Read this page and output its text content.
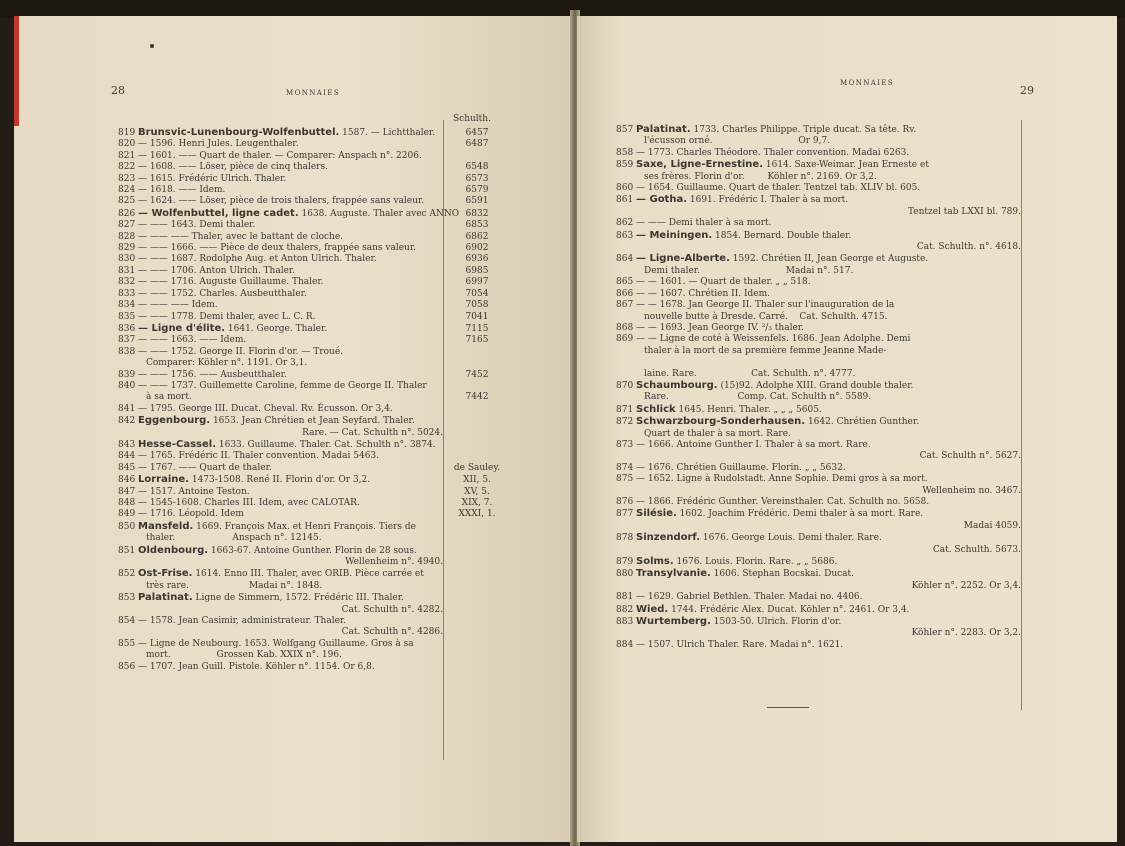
28	MONNAIES
Schulth.
819 Brunsvic-Lunenbourg-Wolfenbuttel. 1587. — Lichtthaler.	6457
820 — 1596. Henri Jules. Leugenthaler.	6487
821 — 1601. —— Quart de thaler. — Comparer: Anspach n°. 2206.
822 — 1608. —— Löser, pièce de cinq thalers.	6548
823 — 1615. Frédéric Ulrich. Thaler.	6573
824 — 1618. —— Idem.	6579
825 — 1624. —— Löser, pièce de trois thalers, frappée sans valeur.	6591
826 — Wolfenbuttel, ligne cadet. 1638. Auguste. Thaler avec ANNO 6832
827 — —— 1643. Demi thaler.	6853
828 — —— —— Thaler, avec le battant de cloche.	6862
829 — —— 1666. —— Pièce de deux thalers, frappée sans valeur.	6902
830 — —— 1687. Rodolphe Aug. et Anton Ulrich. Thaler.	6936
831 — —— 1706. Anton Ulrich. Thaler.	6985
832 — —— 1716. Auguste Guillaume. Thaler.	6997
833 — —— 1752. Charles. Ausbeutthaler.	7054
834 — —— —— Idem.	7058
835 — —— 1778. Demi thaler, avec L. C. R.	7041
836 — Ligne d'élite. 1641. George. Thaler.	7115
837 — —— 1663. —— Idem.	7165
838 — —— 1752. George II. Florin d'or. — Troué.
Comparer: Köhler n°. 1191. Or 3,1.
839 — —— 1756. —— Ausbeutthaler.	7452
840 — —— 1737. Guillemette Caroline, femme de George II. Thaler
à sa mort.	7442
841 — 1795. George III. Ducat. Cheval. Rv. Écusson. Or 3,4.
842 Eggenbourg. 1653. Jean Chrétien et Jean Seyfard. Thaler.
Rare. — Cat. Schulth n°. 5024.
843 Hesse-Cassel. 1633. Guillaume. Thaler. Cat. Schulth n°. 3874.
844 — 1765. Frédéric II. Thaler convention. Madai 5463.
845 — 1767. —— Quart de thaler.	de Sauley.
846 Lorraine. 1473-1508. René II. Florin d'or. Or 3,2.	XII, 5.
847 — 1517. Antoine Teston.	XV, 5.
848 — 1545-1608. Charles III. Idem, avec CALOTAR.	XIX, 7.
849 — 1716. Léopold. Idem	XXXI, 1.
850 Mansfeld. 1669. François Max. et Henri François. Tiers de
thaler.                    Anspach n°. 12145.
851 Oldenbourg. 1663-67. Antoine Gunther. Florin de 28 sous.
Wellenheim n°. 4940.
852 Ost-Frise. 1614. Enno III. Thaler, avec ORIB. Pièce carrée et
très rare.                     Madai n°. 1848.
853 Palatinat. Ligne de Simmern, 1572. Frédéric III. Thaler.
Cat. Schulth n°. 4282.
854 — 1578. Jean Casimir, administrateur. Thaler.
Cat. Schulth n°. 4286.
855 — Ligne de Neubourg. 1653. Wolfgang Guillaume. Gros à sa
mort.                Grossen Kab. XXIX n°. 196.
856 — 1707. Jean Guill. Pistole. Köhler n°. 1154. Or 6,8.
MONNAIES
29
857 Palatinat. 1733. Charles Philippe. Triple ducat. Sa tête. Rv.
l'écusson orné.                              Or 9,7.
858 — 1773. Charles Théodore. Thaler convention. Madai 6263.
859 Saxe, Ligne-Ernestine. 1614. Saxe-Weimar. Jean Erneste et
ses frères. Florin d'or.        Köhler n°. 2169. Or 3,2.
860 — 1654. Guillaume. Quart de thaler. Tentzel tab. XLIV bl. 605.
861 — Gotha. 1691. Frédéric I. Thaler à sa mort.
Tentzel tab LXXI bl. 789.
862 — —— Demi thaler à sa mort.
863 — Meiningen. 1854. Bernard. Double thaler.
Cat. Schulth. n°. 4618.
864 — Ligne-Alberte. 1592. Chrétien II, Jean George et Auguste.
Demi thaler.                              Madai n°. 517.
865 — — 1601. — Quart de thaler. „ „ 518.
866 — — 1607. Chrétien II. Idem.
867 — — 1678. Jan George II. Thaler sur l'inauguration de la
nouvelle butte à Dresde. Carré.    Cat. Schulth. 4715.
868 — — 1693. Jean George IV. ²/₃ thaler.
869 — — Ligne de coté à Weissenfels. 1686. Jean Adolphe. Demi
thaler à la mort de sa première femme Jeanne Made-
laine. Rare.                   Cat. Schulth. n°. 4777.
870 Schaumbourg. (15)92. Adolphe XIII. Grand double thaler.
Rare.                        Comp. Cat. Schulth n°. 5589.
871 Schlick 1645. Henri. Thaler. „ „ „ 5605.
872 Schwarzbourg-Sonderhausen. 1642. Chrétien Gunther.
Quart de thaler à sa mort. Rare.
873 — 1666. Antoine Gunther I. Thaler à sa mort. Rare.
Cat. Schulth n°. 5627.
874 — 1676. Chrétien Guillaume. Florin. „ „ 5632.
875 — 1652. Ligne à Rudolstadt. Anne Sophie. Demi gros à sa mort.
Wellenheim no. 3467.
876 — 1866. Frédéric Gunther. Vereinsthaler. Cat. Schulth no. 5658.
877 Silésie. 1602. Joachim Frédéric. Demi thaler à sa mort. Rare.
Madai 4059.
878 Sinzendorf. 1676. George Louis. Demi thaler. Rare.
Cat. Schulth. 5673.
879 Solms. 1676. Louis. Florin. Rare. „ „ 5686.
880 Transylvanie. 1606. Stephan Bocskai. Ducat.
Köhler n°. 2252. Or 3,4.
881 — 1629. Gabriel Bethlen. Thaler. Madai no. 4406.
882 Wied. 1744. Frédéric Alex. Ducat. Köhler n°. 2461. Or 3,4.
883 Wurtemberg. 1503-50. Ulrich. Florin d'or.
Köhler n°. 2283. Or 3,2.
884 — 1507. Ulrich Thaler. Rare. Madai n°. 1621.
